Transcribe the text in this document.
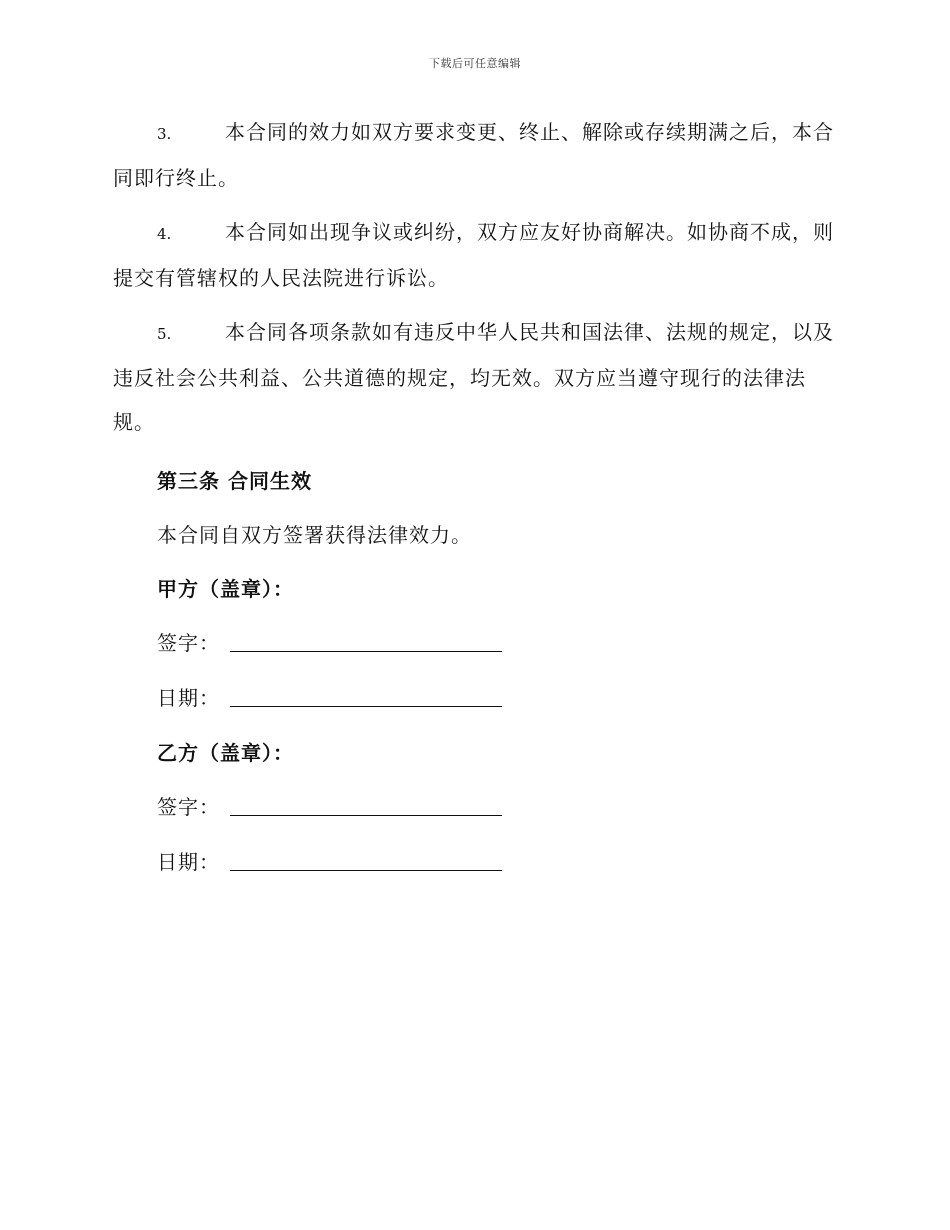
下载后可任意编辑

3.	本合同的效力如双方要求变更、终止、解除或存续期满之后，本合同即行终止。

4.	本合同如出现争议或纠纷，双方应友好协商解决。如协商不成，则提交有管辖权的人民法院进行诉讼。

5.	本合同各项条款如有违反中华人民共和国法律、法规的规定，以及违反社会公共利益、公共道德的规定，均无效。双方应当遵守现行的法律法规。

第三条 合同生效
本合同自双方签署获得法律效力。
甲方（盖章）：
签字：
日期：
乙方（盖章）：
签字：
日期：
